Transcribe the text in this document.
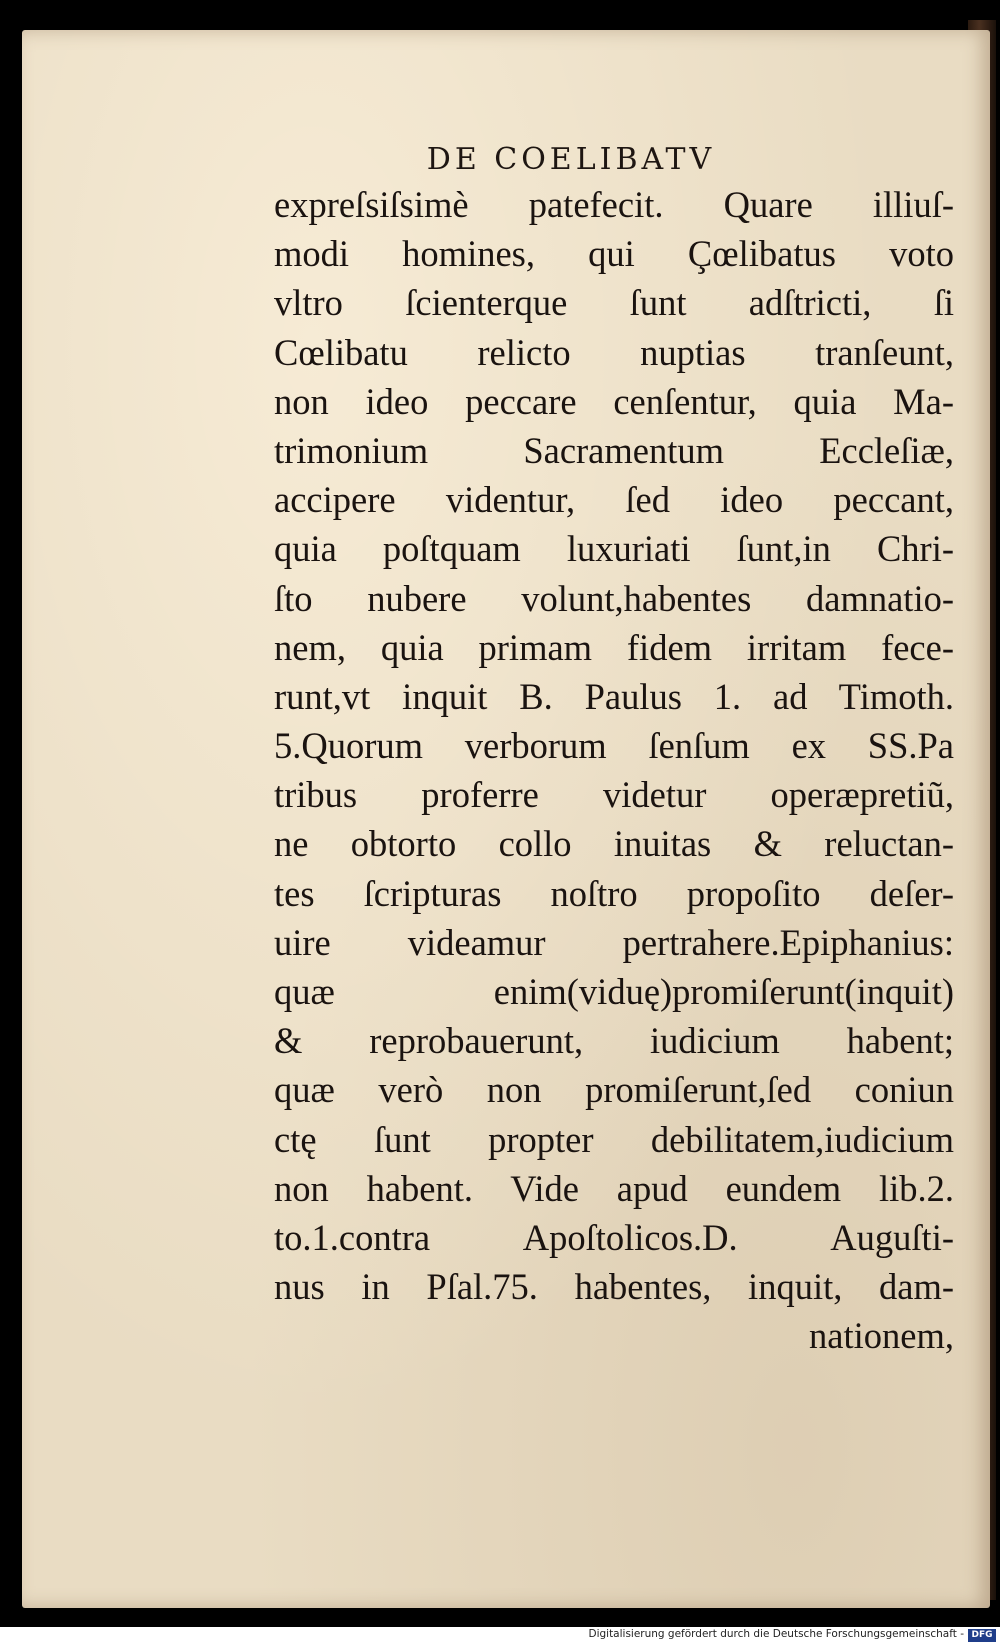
DE COELIBATV
expreſsiſsimè patefecit. Quare illiuſ-
modi homines, qui Çœlibatus voto
vltro ſcienterque ſunt adſtricti, ſi
Cœlibatu relicto nuptias tranſeunt,
non ideo peccare cenſentur, quia Ma-
trimonium Sacramentum Eccleſiæ,
accipere videntur, ſed ideo peccant,
quia poſtquam luxuriati ſunt,in Chri-
ſto nubere volunt,habentes damnatio-
nem, quia primam fidem irritam fece-
runt,vt inquit B. Paulus 1. ad Timoth.
5.Quorum verborum ſenſum ex SS.Pa
tribus proferre videtur operæpretiũ,
ne obtorto collo inuitas & reluctan-
tes ſcripturas noſtro propoſito deſer-
uire videamur pertrahere.Epiphanius:
quæ enim(viduę)promiſerunt(inquit)
& reprobauerunt, iudicium habent;
quæ verò non promiſerunt,ſed coniun
ctę ſunt propter debilitatem,iudicium
non habent. Vide apud eundem lib.2.
to.1.contra Apoſtolicos.D. Auguſti-
nus in Pſal.75. habentes, inquit, dam-
nationem,
Digitalisierung gefördert durch die Deutsche Forschungsgemeinschaft - DFG
